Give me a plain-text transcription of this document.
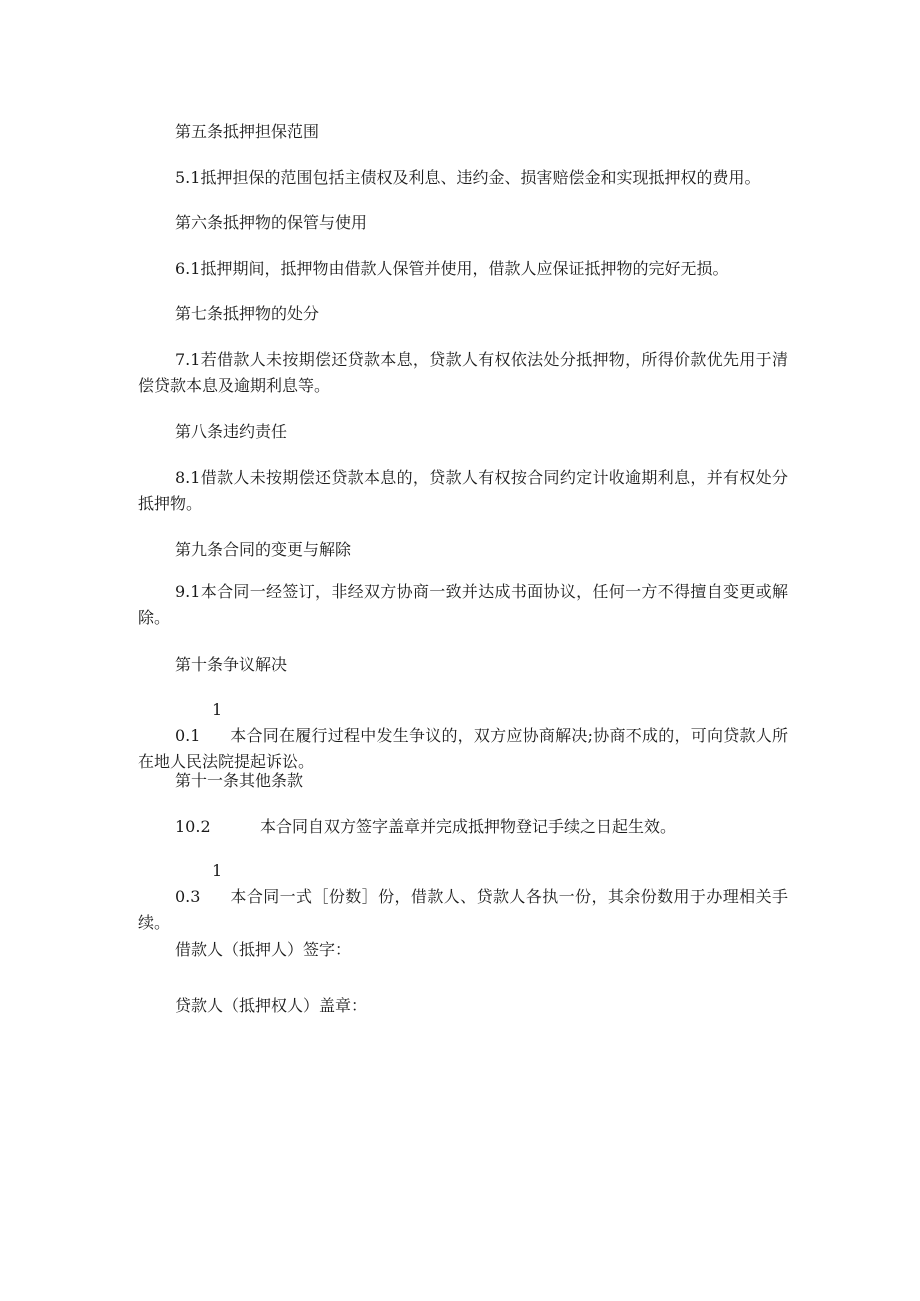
第五条抵押担保范围
5.1抵押担保的范围包括主债权及利息、违约金、损害赔偿金和实现抵押权的费用。
第六条抵押物的保管与使用
6.1抵押期间，抵押物由借款人保管并使用，借款人应保证抵押物的完好无损。
第七条抵押物的处分
7.1若借款人未按期偿还贷款本息，贷款人有权依法处分抵押物，所得价款优先用于清偿贷款本息及逾期利息等。
第八条违约责任
8.1借款人未按期偿还贷款本息的，贷款人有权按合同约定计收逾期利息，并有权处分抵押物。
第九条合同的变更与解除
9.1本合同一经签订，非经双方协商一致并达成书面协议，任何一方不得擅自变更或解除。
第十条争议解决
10.1 本合同在履行过程中发生争议的，双方应协商解决;协商不成的，可向贷款人所在地人民法院提起诉讼。
第十一条其他条款
10.2	本合同自双方签字盖章并完成抵押物登记手续之日起生效。
10.3 本合同一式［份数］份，借款人、贷款人各执一份，其余份数用于办理相关手续。
借款人（抵押人）签字：
贷款人（抵押权人）盖章：
